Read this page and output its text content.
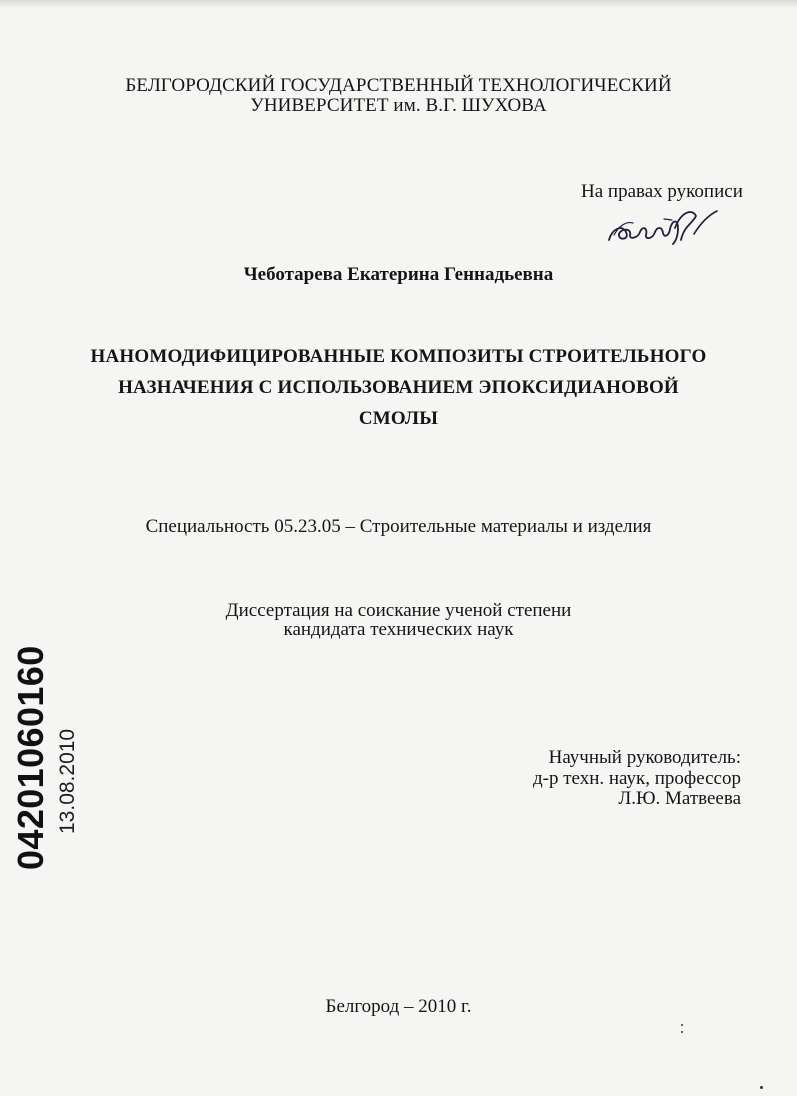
БЕЛГОРОДСКИЙ ГОСУДАРСТВЕННЫЙ ТЕХНОЛОГИЧЕСКИЙ
УНИВЕРСИТЕТ им. В.Г. ШУХОВА
На правах рукописи
Чеботарева Екатерина Геннадьевна
НАНОМОДИФИЦИРОВАННЫЕ КОМПОЗИТЫ СТРОИТЕЛЬНОГО
НАЗНАЧЕНИЯ С ИСПОЛЬЗОВАНИЕМ ЭПОКСИДИАНОВОЙ
СМОЛЫ
Специальность 05.23.05 – Строительные материалы и изделия
Диссертация на соискание ученой степени
кандидата технических наук
Научный руководитель:
д-р техн. наук, профессор
Л.Ю. Матвеева
Белгород – 2010 г.
04201060160 13.08.2010
